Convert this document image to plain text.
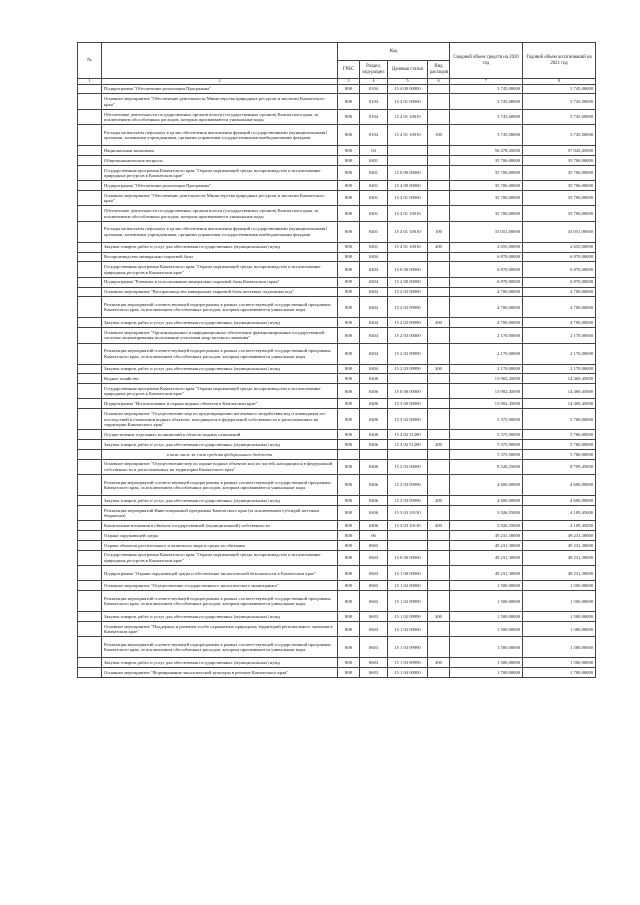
№		Код				Сводный объем средств на 2020 год	Годовой объем ассигнований на 2021 год
		ГРБС	Раздел, под-раздел	Целевая статья	Вид расходов		
1	2	3	4	5	6	7	8
	Подпрограмма "Обеспечение реализации Программы"	808	0104	15 4 00 00000		3 745,00000	3 745,00000
	Основное мероприятие "Обеспечение деятельности Министерства природных ресурсов и экологии Камчатского края"	808	0104	15 4 01 00000		3 745,00000	3 745,00000
	Обеспечение деятельности государственных органов власти (государственных органов) Камчатского края, за исключением обособленных расходов, которым присваиваются уникальные коды	808	0104	15 4 01 10010		3 745,00000	3 745,00000
	Расходы на выплаты персоналу в целях обеспечения выполнения функций государственными (муниципальными) органами, казенными учреждениями, органами управления государственными внебюджетными фондами	808	0104	15 4 01 10010	100	3 745,00000	3 745,00000
	Национальная экономика	808	04			56 478,45000	57 045,45000
	Общеэкономические вопросы	808	0401			35 706,00000	35 706,00000
	Государственная программа Камчатского края "Охрана окружающей среды, воспроизводство и использование природных ресурсов в Камчатском крае"	808	0401	15 0 00 00000		35 706,00000	35 706,00000
	Подпрограмма "Обеспечение реализации Программы"	808	0401	15 4 00 00000		35 706,00000	35 706,00000
	Основное мероприятие "Обеспечение деятельности Министерства природных ресурсов и экологии Камчатского края"	808	0401	15 4 01 00000		35 706,00000	35 706,00000
	Обеспечение деятельности государственных органов власти (государственных органов) Камчатского края, за исключением обособленных расходов, которым присваиваются уникальные коды	808	0401	15 4 01 10010		35 706,00000	35 706,00000
	Расходы на выплаты персоналу в целях обеспечения выполнения функций государственными (муниципальными) органами, казенными учреждениями, органами управления государственными внебюджетными фондами	808	0401	15 4 01 10010	100	33 051,00000	33 051,00000
	Закупка товаров, работ и услуг для обеспечения государственных (муниципальных) нужд	808	0401	15 4 01 10010	200	2 655,00000	2 655,00000
	Воспроизводство минерально-сырьевой базы	808	0404			6 870,00000	6 870,00000
	Государственная программа Камчатского края "Охрана окружающей среды, воспроизводство и использование природных ресурсов в Камчатском крае"	808	0404	15 0 00 00000		6 870,00000	6 870,00000
	Подпрограмма "Развитие и использование минерально-сырьевой базы Камчатского края"	808	0404	15 2 00 00000		6 870,00000	6 870,00000
	Основное мероприятие "Воспроизводство минерально-сырьевой базы питьевых подземных вод"	808	0404	15 2 02 00000		4 700,00000	4 700,00000
	Реализация мероприятий соответствующей подпрограммы в рамках соответствующей государственной программы Камчатского края, за исключением обособленных расходов, которым присваиваются уникальные коды	808	0404	15 2 02 09990		4 700,00000	4 700,00000
	Закупка товаров, работ и услуг для обеспечения государственных (муниципальных) нужд	808	0404	15 2 02 09990	200	4 700,00000	4 700,00000
	Основное мероприятие "Организационное и информационное обеспечение функционирования государственной системы лицензирования пользования участками недр местного значения"	808	0404	15 2 03 00000		2 170,00000	2 170,00000
	Реализация мероприятий соответствующей подпрограммы в рамках соответствующей государственной программы Камчатского края, за исключением обособленных расходов, которым присваиваются уникальные коды	808	0404	15 2 03 09990		2 170,00000	2 170,00000
	Закупка товаров, работ и услуг для обеспечения государственных (муниципальных) нужд	808	0404	15 2 03 09990	200	2 170,00000	2 170,00000
	Водное хозяйство	808	0406			13 902,45000	14 469,45000
	Государственная программа Камчатского края "Охрана окружающей среды, воспроизводство и использование природных ресурсов в Камчатском крае"	808	0406	15 0 00 00000		13 902,45000	14 469,45000
	Подпрограмма "Использование и охрана водных объектов в Камчатском крае"	808	0406	15 3 00 00000		13 902,45000	14 469,45000
	Основное мероприятие "Осуществление мер по предотвращению негативного воздействия вод и ликвидации его последствий в отношении водных объектов, находящихся в федеральной собственности и расположенных на территории Камчатского края"	808	0406	15 3 02 00000		5 375,90000	5 760,00000
	Осуществление отдельных полномочий в области водных отношений	808	0406	15 3 02 51280		5 375,90000	5 760,00000
	Закупка товаров, работ и услуг для обеспечения государственных (муниципальных) нужд	808	0406	15 3 02 51280	200	5 375,90000	5 760,00000
	в том числе за счет средств федерального бюджета					5 375,90000	5 760,00000
	Основное мероприятие "Осуществление мер по охране водных объектов или их частей, находящихся в федеральной собственности и расположенных на территории Камчатского края"	808	0406	15 3 03 00000		8 526,55000	8 709,45000
	Реализация мероприятий соответствующей подпрограммы в рамках соответствующей государственной программы Камчатского края, за исключением обособленных расходов, которым присваиваются уникальные коды	808	0406	15 3 03 09990		4 600,00000	4 600,00000
	Закупка товаров, работ и услуг для обеспечения государственных (муниципальных) нужд	808	0406	15 3 03 09990	200	4 600,00000	4 600,00000
	Реализация мероприятий Инвестиционной программы Камчатского края (за исключением субсидий местным бюджетам)	808	0406	15 3 03 10130		3 926,55000	4 109,45000
	Капитальные вложения в объекты государственной (муниципальной) собственности	808	0406	15 3 03 10130	400	3 926,55000	4 109,45000
	Охрана окружающей среды	808	06			49 231,30000	49 231,30000
	Охрана объектов растительного и животного мира и среды их обитания	808	0603			49 231,30000	49 231,30000
	Государственная программа Камчатского края "Охрана окружающей среды, воспроизводство и использование природных ресурсов в Камчатском крае"	808	0603	15 0 00 00000		49 231,30000	49 231,30000
	Подпрограмма "Охрана окружающей среды и обеспечение экологической безопасности в Камчатском крае"	808	0603	15 1 00 00000		49 231,30000	49 231,30000
	Основное мероприятие "Осуществление государственного экологического мониторинга"	808	0603	15 1 02 00000		1 500,00000	1 500,00000
	Реализация мероприятий соответствующей подпрограммы в рамках соответствующей государственной программы Камчатского края, за исключением обособленных расходов, которым присваиваются уникальные коды	808	0603	15 1 02 09990		1 500,00000	1 500,00000
	Закупка товаров, работ и услуг для обеспечения государственных (муниципальных) нужд	808	0603	15 1 02 09990	200	1 500,00000	1 500,00000
	Основное мероприятие "Поддержка и развитие особо охраняемых природных территорий регионального значения в Камчатском крае"	808	0603	15 1 03 00000		1 500,00000	1 500,00000
	Реализация мероприятий соответствующей подпрограммы в рамках соответствующей государственной программы Камчатского края, за исключением обособленных расходов, которым присваиваются уникальные коды	808	0603	15 1 03 09990		1 500,00000	1 500,00000
	Закупка товаров, работ и услуг для обеспечения государственных (муниципальных) нужд	808	0603	15 1 03 09990	200	1 500,00000	1 500,00000
	Основное мероприятие "Формирование экологической культуры в регионе Камчатского края"	808	0603	15 1 04 00000		1 700,00000	1 700,00000
